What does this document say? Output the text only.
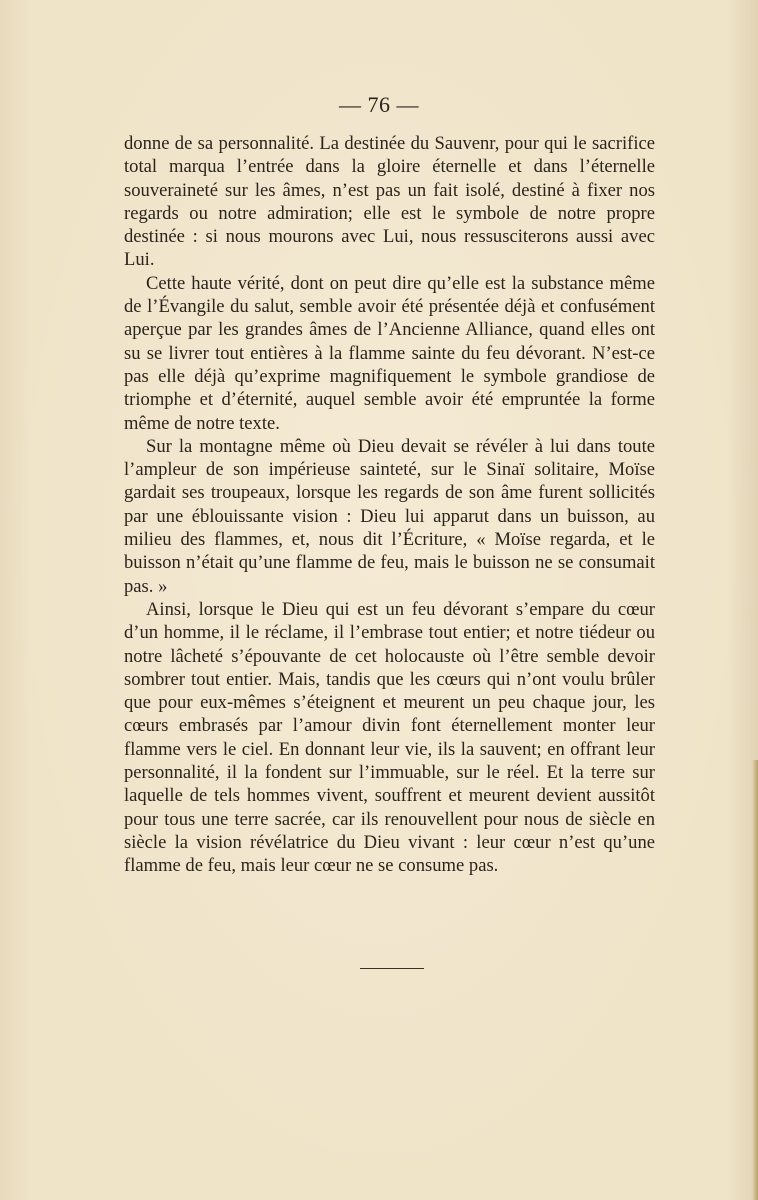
— 76 —

donne de sa personnalité. La destinée du Sauvenr, pour qui le sacrifice total marqua l’entrée dans la gloire éternelle et dans l’éternelle souveraineté sur les âmes, n’est pas un fait isolé, destiné à fixer nos regards ou notre admiration; elle est le symbole de notre propre destinée : si nous mourons avec Lui, nous ressusciterons aussi avec Lui.

Cette haute vérité, dont on peut dire qu’elle est la substance même de l’Évangile du salut, semble avoir été présentée déjà et confusément aperçue par les grandes âmes de l’Ancienne Alliance, quand elles ont su se livrer tout entières à la flamme sainte du feu dévorant. N’est-ce pas elle déjà qu’exprime magnifiquement le symbole grandiose de triomphe et d’éternité, auquel semble avoir été empruntée la forme même de notre texte.

Sur la montagne même où Dieu devait se révéler à lui dans toute l’ampleur de son impérieuse sainteté, sur le Sinaï solitaire, Moïse gardait ses troupeaux, lorsque les regards de son âme furent sollicités par une éblouissante vision : Dieu lui apparut dans un buisson, au milieu des flammes, et, nous dit l’Écriture, « Moïse regarda, et le buisson n’était qu’une flamme de feu, mais le buisson ne se consumait pas. »

Ainsi, lorsque le Dieu qui est un feu dévorant s’empare du cœur d’un homme, il le réclame, il l’embrase tout entier; et notre tiédeur ou notre lâcheté s’épouvante de cet holocauste où l’être semble devoir sombrer tout entier. Mais, tandis que les cœurs qui n’ont voulu brûler que pour eux-mêmes s’éteignent et meurent un peu chaque jour, les cœurs embrasés par l’amour divin font éternellement monter leur flamme vers le ciel. En donnant leur vie, ils la sauvent; en offrant leur personnalité, il la fondent sur l’immuable, sur le réel. Et la terre sur laquelle de tels hommes vivent, souffrent et meurent devient aussitôt pour tous une terre sacrée, car ils renouvellent pour nous de siècle en siècle la vision révélatrice du Dieu vivant : leur cœur n’est qu’une flamme de feu, mais leur cœur ne se consume pas.
